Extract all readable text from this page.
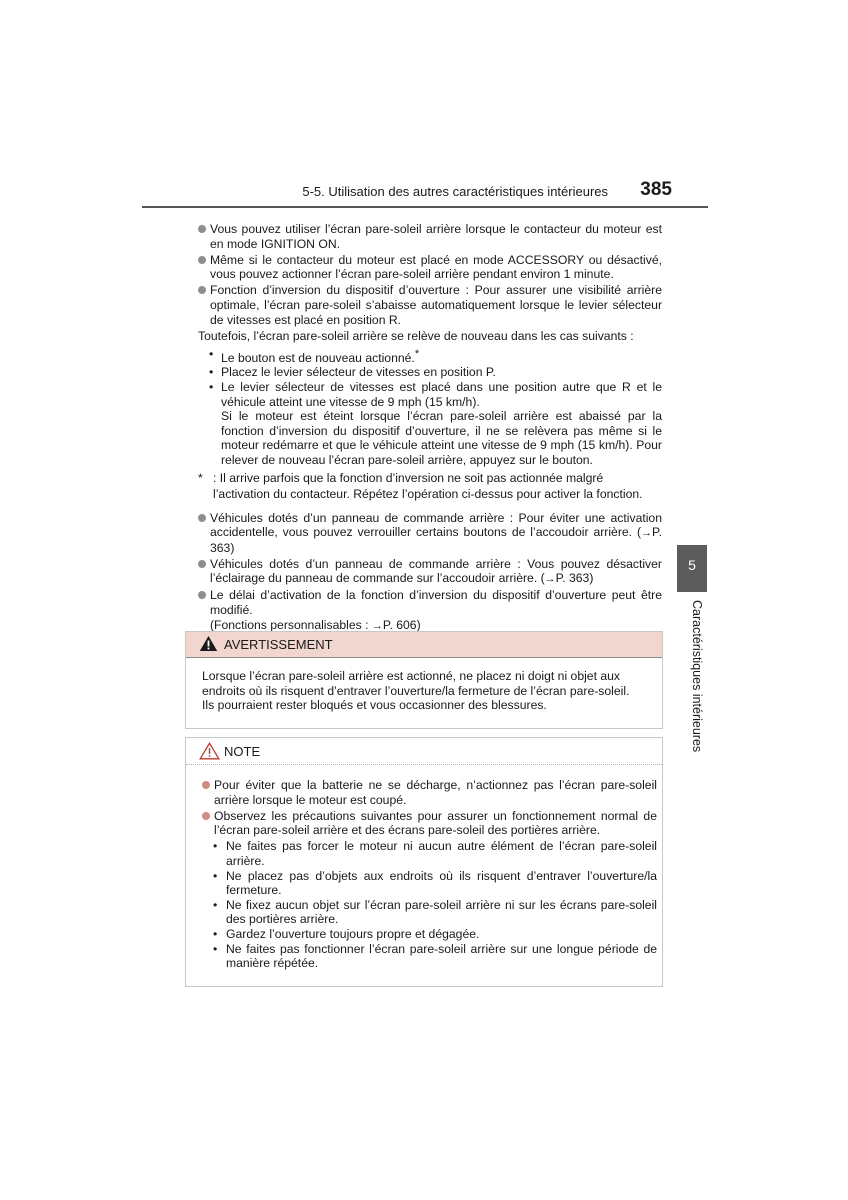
5-5. Utilisation des autres caractéristiques intérieures	385
5
Caractéristiques intérieures
Vous pouvez utiliser l’écran pare-soleil arrière lorsque le contacteur du moteur est en mode IGNITION ON.
Même si le contacteur du moteur est placé en mode ACCESSORY ou désactivé, vous pouvez actionner l’écran pare-soleil arrière pendant environ 1 minute.
Fonction d’inversion du dispositif d’ouverture : Pour assurer une visibilité arrière optimale, l’écran pare-soleil s’abaisse automatiquement lorsque le levier sélecteur de vitesses est placé en position R.
Toutefois, l’écran pare-soleil arrière se relève de nouveau dans les cas suivants :
• Le bouton est de nouveau actionné.*
• Placez le levier sélecteur de vitesses en position P.
• Le levier sélecteur de vitesses est placé dans une position autre que R et le véhicule atteint une vitesse de 9 mph (15 km/h).
Si le moteur est éteint lorsque l’écran pare-soleil arrière est abaissé par la fonction d’inversion du dispositif d’ouverture, il ne se relèvera pas même si le moteur redémarre et que le véhicule atteint une vitesse de 9 mph (15 km/h). Pour relever de nouveau l’écran pare-soleil arrière, appuyez sur le bouton.
* : Il arrive parfois que la fonction d’inversion ne soit pas actionnée malgré l’activation du contacteur. Répétez l’opération ci-dessus pour activer la fonction.
Véhicules dotés d’un panneau de commande arrière : Pour éviter une activation accidentelle, vous pouvez verrouiller certains boutons de l’accoudoir arrière. (→P. 363)
Véhicules dotés d’un panneau de commande arrière : Vous pouvez désactiver l’éclairage du panneau de commande sur l’accoudoir arrière. (→P. 363)
Le délai d’activation de la fonction d’inversion du dispositif d’ouverture peut être modifié.
(Fonctions personnalisables : →P. 606)
AVERTISSEMENT
Lorsque l’écran pare-soleil arrière est actionné, ne placez ni doigt ni objet aux endroits où ils risquent d’entraver l’ouverture/la fermeture de l’écran pare-soleil.
Ils pourraient rester bloqués et vous occasionner des blessures.
NOTE
Pour éviter que la batterie ne se décharge, n’actionnez pas l’écran pare-soleil arrière lorsque le moteur est coupé.
Observez les précautions suivantes pour assurer un fonctionnement normal de l’écran pare-soleil arrière et des écrans pare-soleil des portières arrière.
• Ne faites pas forcer le moteur ni aucun autre élément de l’écran pare-soleil arrière.
• Ne placez pas d’objets aux endroits où ils risquent d’entraver l’ouverture/la fermeture.
• Ne fixez aucun objet sur l’écran pare-soleil arrière ni sur les écrans pare-soleil des portières arrière.
• Gardez l’ouverture toujours propre et dégagée.
• Ne faites pas fonctionner l’écran pare-soleil arrière sur une longue période de manière répétée.
